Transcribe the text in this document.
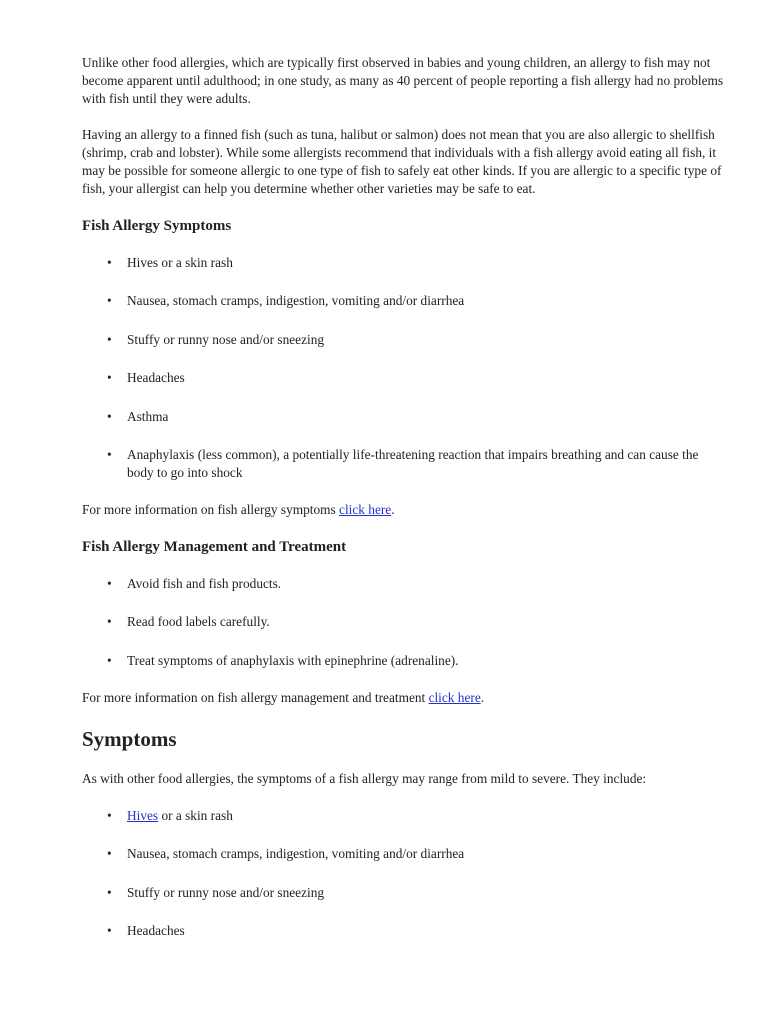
Unlike other food allergies, which are typically first observed in babies and young children, an allergy to fish may not become apparent until adulthood; in one study, as many as 40 percent of people reporting a fish allergy had no problems with fish until they were adults.

Having an allergy to a finned fish (such as tuna, halibut or salmon) does not mean that you are also allergic to shellfish (shrimp, crab and lobster). While some allergists recommend that individuals with a fish allergy avoid eating all fish, it may be possible for someone allergic to one type of fish to safely eat other kinds. If you are allergic to a specific type of fish, your allergist can help you determine whether other varieties may be safe to eat.

Fish Allergy Symptoms
• Hives or a skin rash
• Nausea, stomach cramps, indigestion, vomiting and/or diarrhea
• Stuffy or runny nose and/or sneezing
• Headaches
• Asthma
• Anaphylaxis (less common), a potentially life-threatening reaction that impairs breathing and can cause the body to go into shock

For more information on fish allergy symptoms click here.

Fish Allergy Management and Treatment
• Avoid fish and fish products.
• Read food labels carefully.
• Treat symptoms of anaphylaxis with epinephrine (adrenaline).

For more information on fish allergy management and treatment click here.

Symptoms

As with other food allergies, the symptoms of a fish allergy may range from mild to severe. They include:

• Hives or a skin rash
• Nausea, stomach cramps, indigestion, vomiting and/or diarrhea
• Stuffy or runny nose and/or sneezing
• Headaches
